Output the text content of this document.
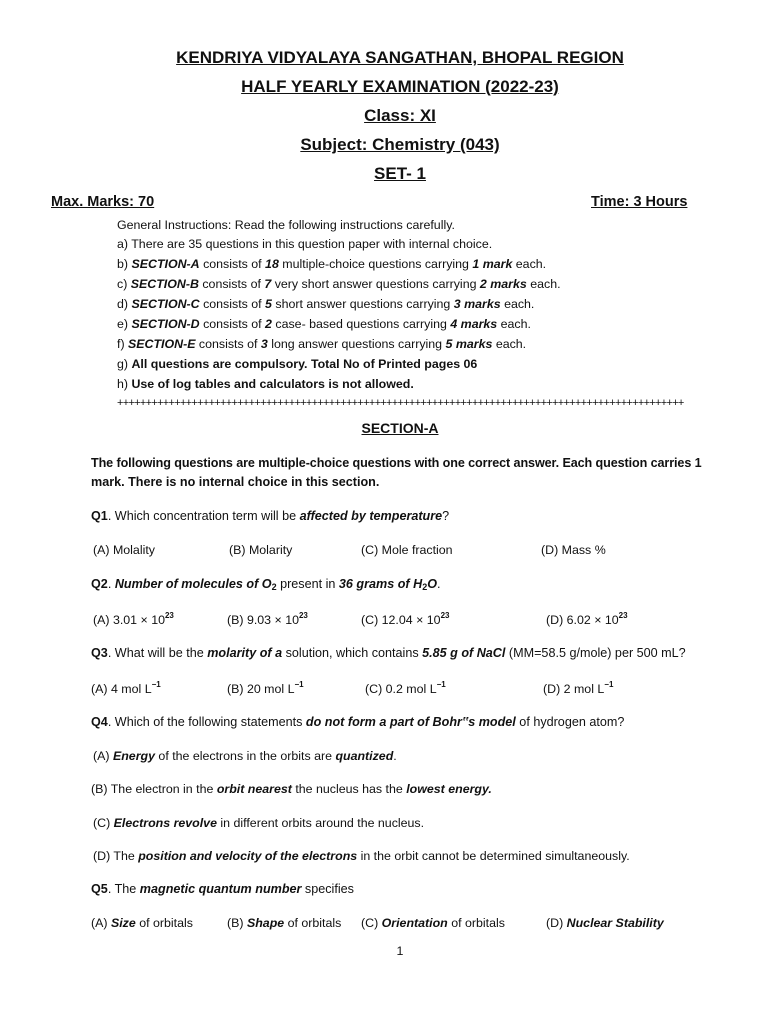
KENDRIYA VIDYALAYA SANGATHAN, BHOPAL REGION
HALF YEARLY EXAMINATION (2022-23)
Class: XI
Subject: Chemistry (043)
SET- 1
Max. Marks: 70	Time: 3 Hours
General Instructions: Read the following instructions carefully.
a) There are 35 questions in this question paper with internal choice.
b) SECTION-A consists of 18 multiple-choice questions carrying 1 mark each.
c) SECTION-B consists of 7 very short answer questions carrying 2 marks each.
d) SECTION-C consists of 5 short answer questions carrying 3 marks each.
e) SECTION-D consists of 2 case- based questions carrying 4 marks each.
f) SECTION-E consists of 3 long answer questions carrying 5 marks each.
g) All questions are compulsory. Total No of Printed pages 06
h) Use of log tables and calculators is not allowed.
+++++++++++++++++++++++++++++++++++++++++++++++++++++++++++++++++++++++++++++++++++++++++++++++++++
SECTION-A
The following questions are multiple-choice questions with one correct answer. Each question carries 1
mark. There is no internal choice in this section.
Q1. Which concentration term will be affected by temperature?
(A) Molality	(B) Molarity	(C) Mole fraction	(D) Mass %
Q2. Number of molecules of $O_2$ present in 36 grams of $H_2O$.
(A) $3.01 \times 10^{23}$	(B) $9.03 \times 10^{23}$	(C) $12.04 \times 10^{23}$	(D) $6.02 \times 10^{23}$
Q3. What will be the molarity of a solution, which contains 5.85 g of NaCl (MM=58.5 g/mole) per 500 mL?
(A) 4 mol $L^{-1}$	(B) 20 mol $L^{-1}$	(C) 0.2 mol $L^{-1}$	(D) 2 mol $L^{-1}$
Q4. Which of the following statements do not form a part of Bohr‟s model of hydrogen atom?
(A) Energy of the electrons in the orbits are quantized.
(B) The electron in the orbit nearest the nucleus has the lowest energy.
(C) Electrons revolve in different orbits around the nucleus.
(D) The position and velocity of the electrons in the orbit cannot be determined simultaneously.
Q5. The magnetic quantum number specifies
(A) Size of orbitals	(B) Shape of orbitals (C) Orientation of orbitals	(D) Nuclear Stability
1
